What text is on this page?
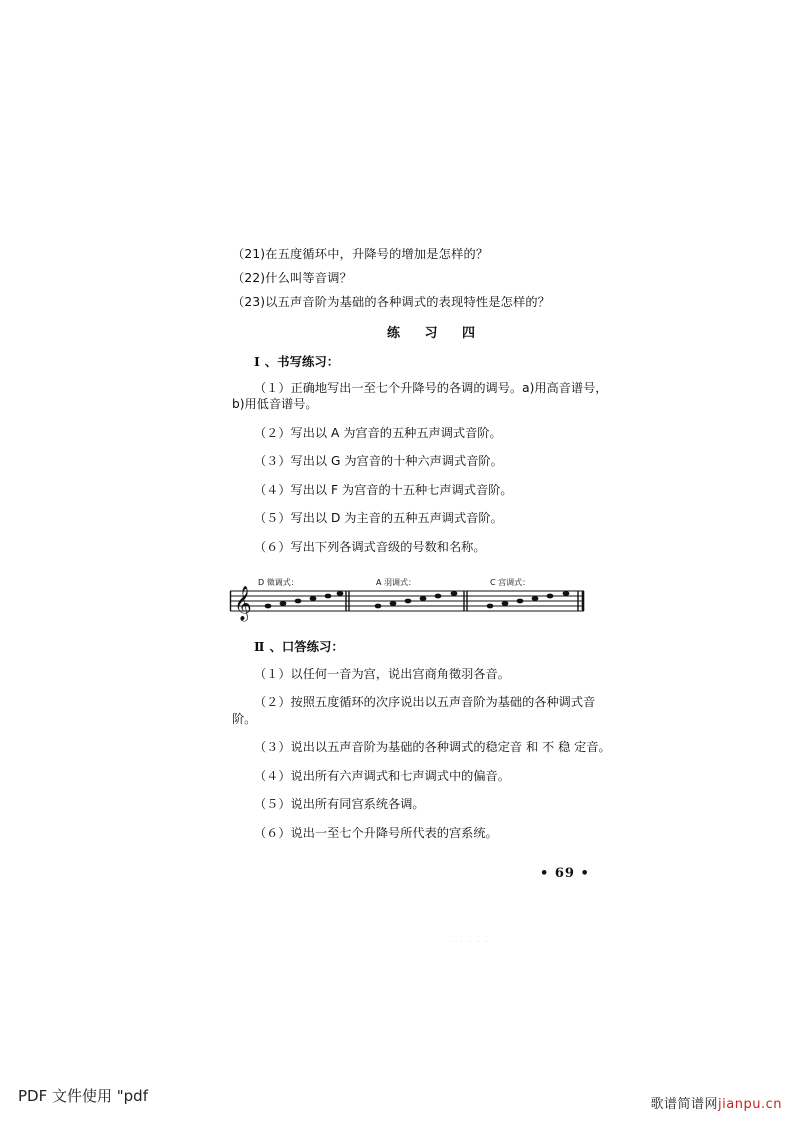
（21)在五度循环中，升降号的增加是怎样的？
（22)什么叫等音调？
（23)以五声音阶为基础的各种调式的表现特性是怎样的？
练 习 四
Ⅰ 、书写练习：
（１）正确地写出一至七个升降号的各调的调号。a)用高音谱号，b)用低音谱号。
（２）写出以 A 为宫音的五种五声调式音阶。
（３）写出以 G 为宫音的十种六声调式音阶。
（４）写出以 F 为宫音的十五种七声调式音阶。
（５）写出以 D 为主音的五种五声调式音阶。
（６）写出下列各调式音级的号数和名称。
Ⅱ 、口答练习：
（１）以任何一音为宫，说出宫商角徵羽各音。
（２）按照五度循环的次序说出以五声音阶为基础的各种调式音阶。
（３）说出以五声音阶为基础的各种调式的稳定音 和 不 稳 定音。
（４）说出所有六声调式和七声调式中的偏音。
（５）说出所有同宫系统各调。
（６）说出一至七个升降号所代表的宫系统。
𝄞
D 徵调式：	A 羽调式：	C 宫调式：
• 69 •
· · · · ·
PDF 文件使用 "pdf	歌谱简谱网jianpu.cn
